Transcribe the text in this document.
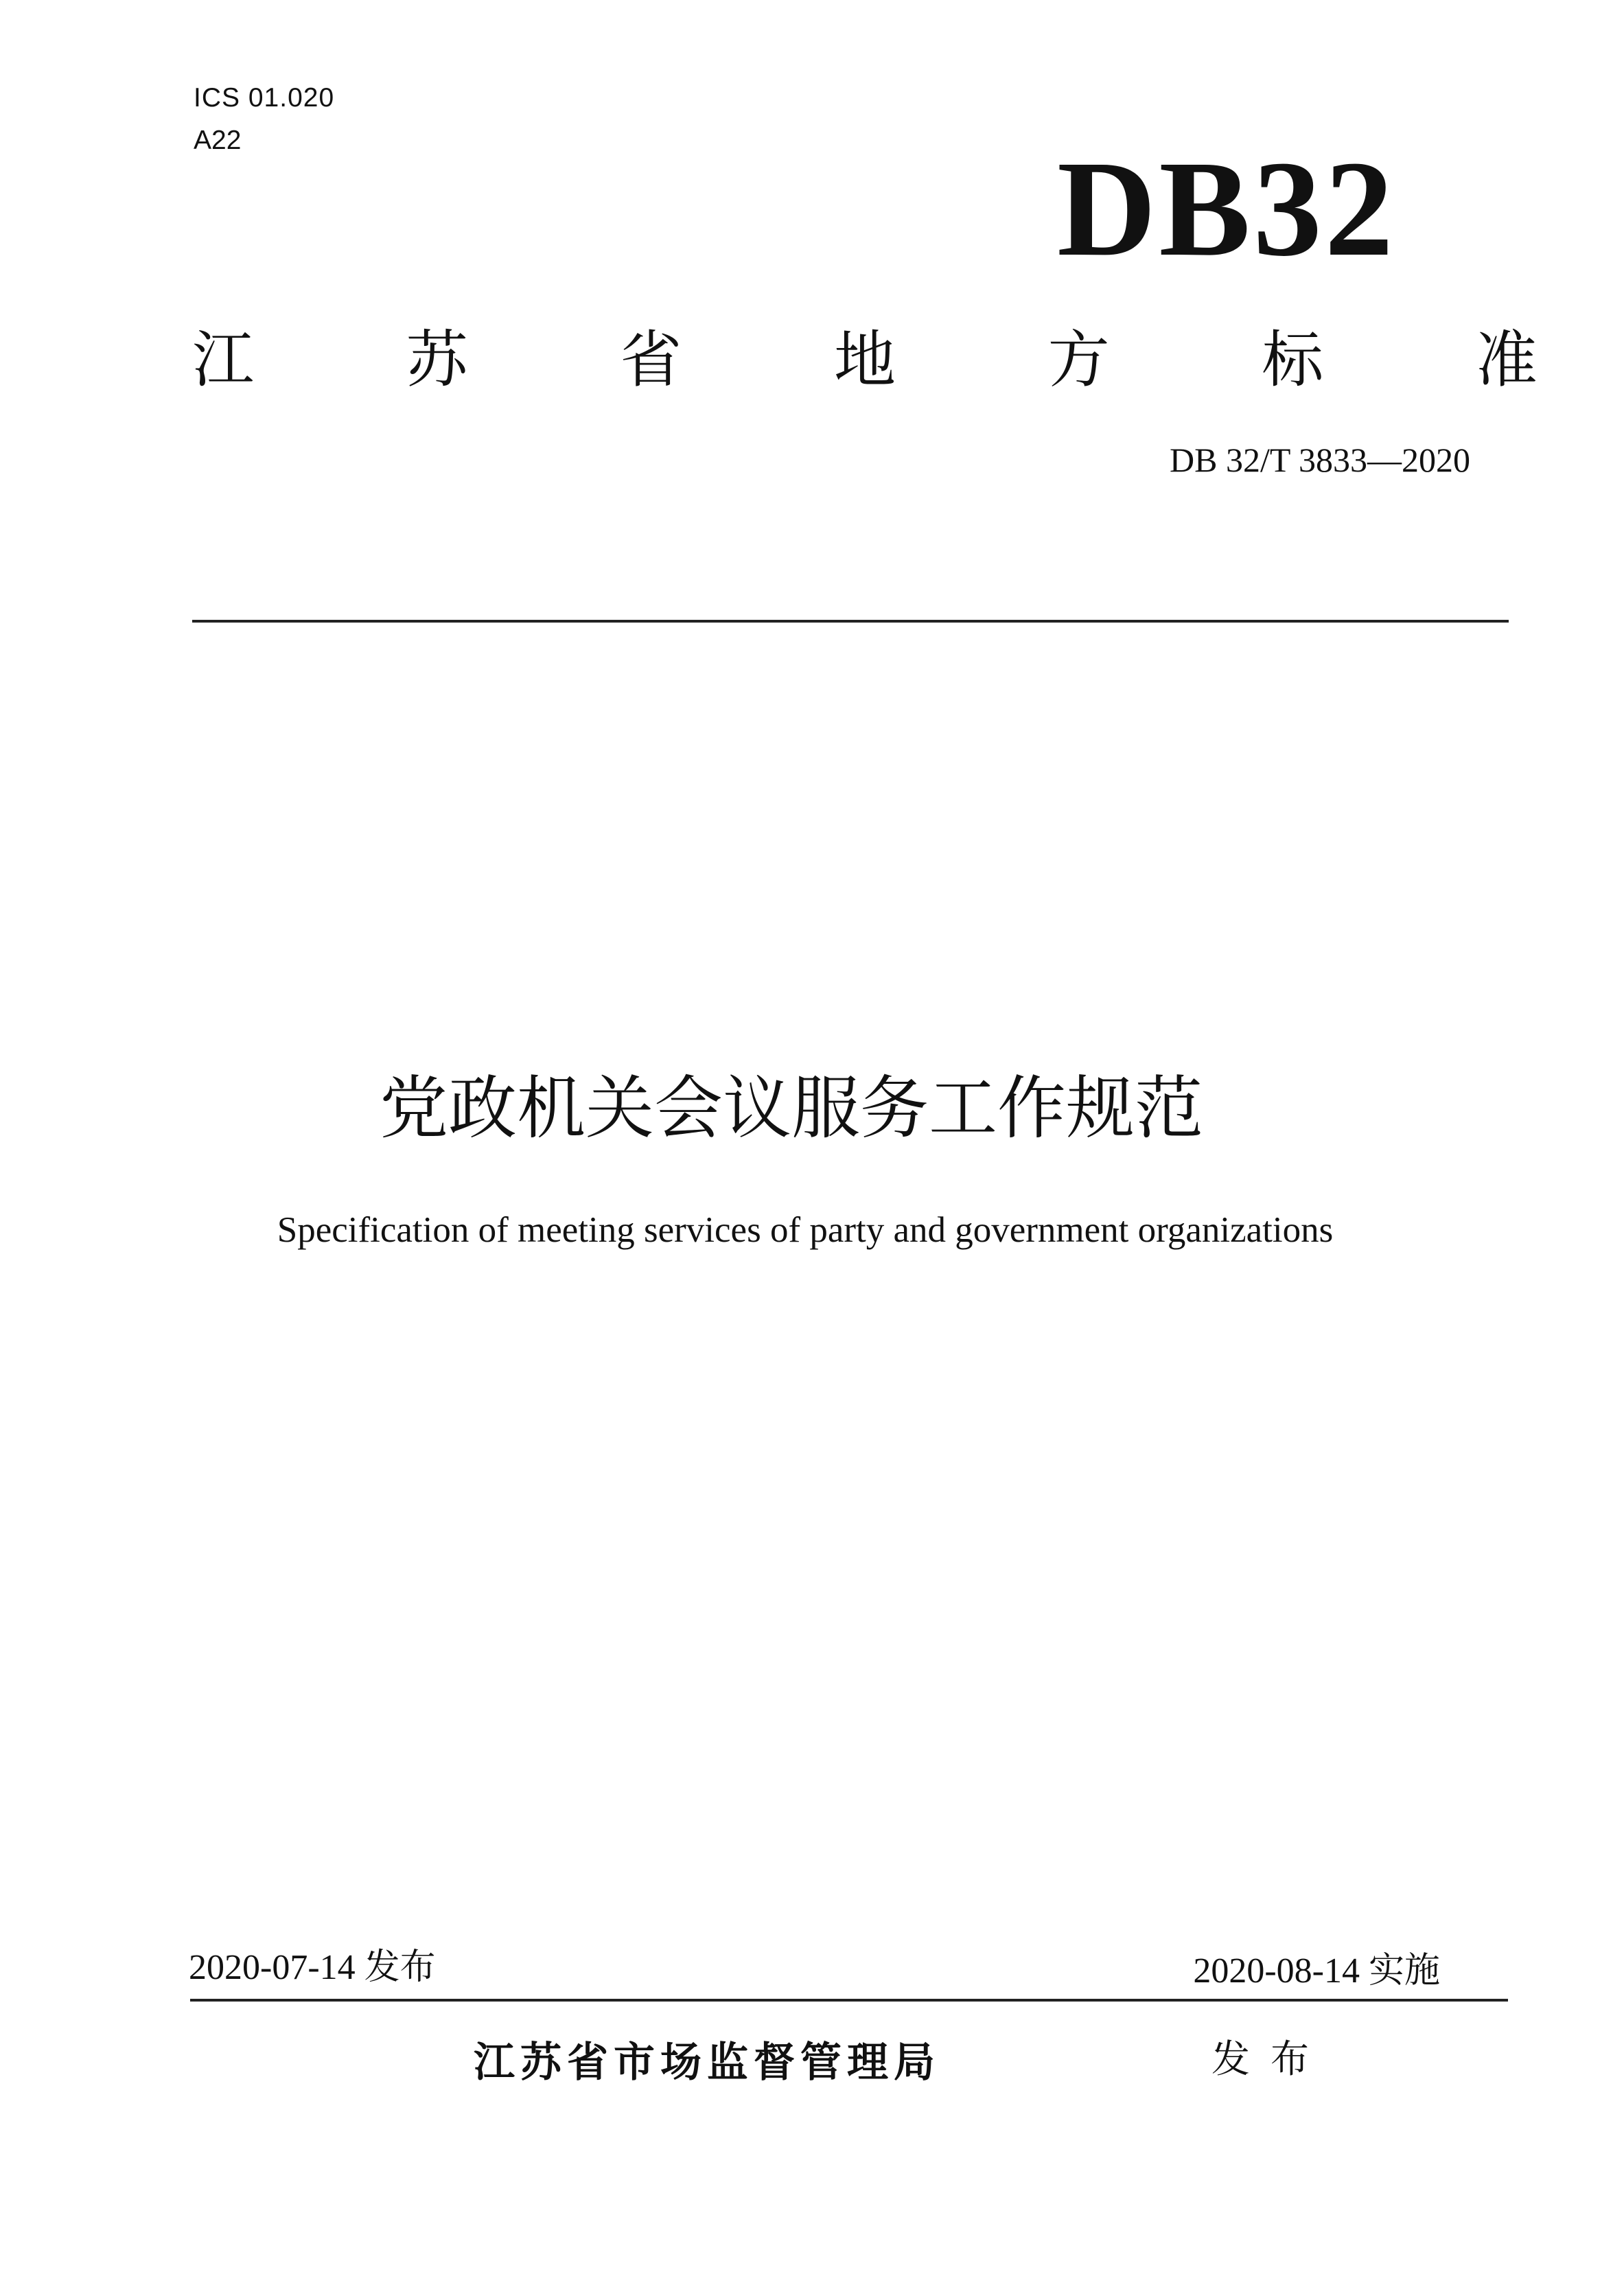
ICS 01.020
A22	DB32
江 苏 省 地 方 标 准
DB 32/T 3833—2020
党政机关会议服务工作规范
Specification of meeting services of party and government organizations
2020-07-14 发布	2020-08-14 实施
江苏省市场监督管理局	发布
